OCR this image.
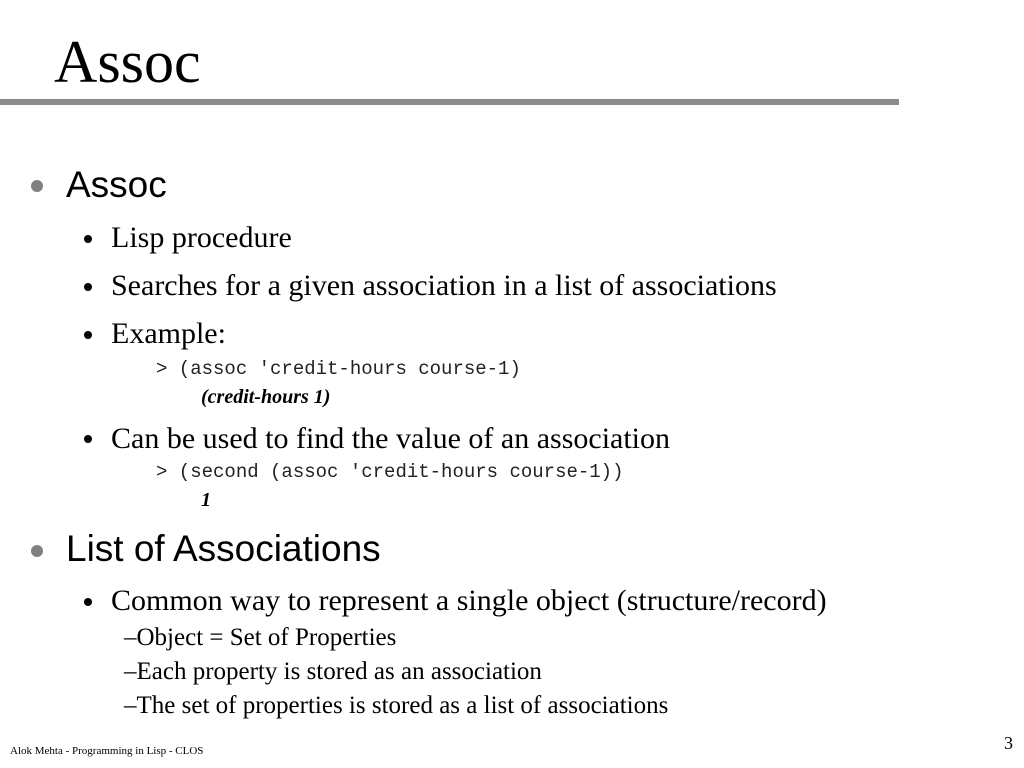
Assoc
Assoc
Lisp procedure
Searches for a given association in a list of associations
Example:
> (assoc 'credit-hours course-1)
(credit-hours 1)
Can be used to find the value of an association
> (second (assoc 'credit-hours course-1))
1
List of Associations
Common way to represent a single object (structure/record)
–Object = Set of Properties
–Each property is stored as an association
–The set of properties is stored as a list of associations
Alok Mehta - Programming in Lisp - CLOS	3
